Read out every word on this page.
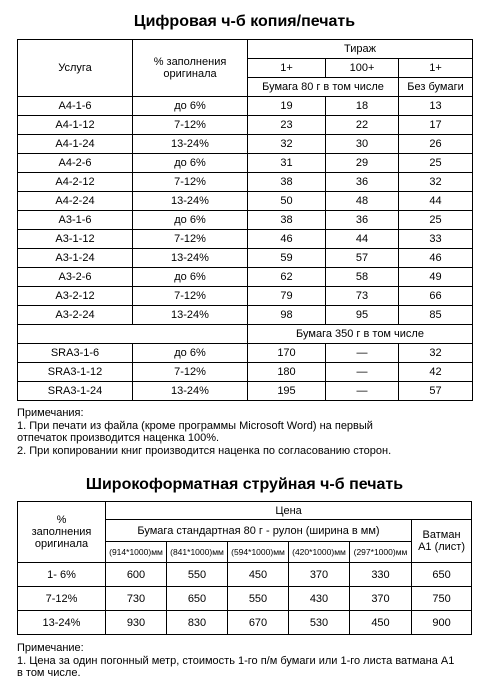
Цифровая ч-б копия/печать
Услуга	% заполнения оригинала	Тираж		
		1+	100+	1+
		Бумага 80 г в том числе		Без бумаги
А4-1-6	до 6%	19	18	13
А4-1-12	7-12%	23	22	17
А4-1-24	13-24%	32	30	26
А4-2-6	до 6%	31	29	25
А4-2-12	7-12%	38	36	32
А4-2-24	13-24%	50	48	44
А3-1-6	до 6%	38	36	25
А3-1-12	7-12%	46	44	33
А3-1-24	13-24%	59	57	46
А3-2-6	до 6%	62	58	49
А3-2-12	7-12%	79	73	66
А3-2-24	13-24%	98	95	85
		Бумага 350 г в том числе		
SRA3-1-6	до 6%	170	—	32
SRA3-1-12	7-12%	180	—	42
SRA3-1-24	13-24%	195	—	57
Примечания:
1. При печати из файла (кроме программы Microsoft Word) на первый
отпечаток производится наценка 100%.
2. При копировании книг производится наценка по согласованию сторон.
Широкоформатная струйная ч-б печать
% заполнения оригинала	Цена					
	Бумага стандартная 80 г - рулон (ширина в мм)					Ватман А1 (лист)
	(914*1000)мм	(841*1000)мм	(594*1000)мм	(420*1000)мм	(297*1000)мм	
1- 6%	600	550	450	370	330	650
7-12%	730	650	550	430	370	750
13-24%	930	830	670	530	450	900
Примечание:
1. Цена за один погонный метр, стоимость 1-го п/м бумаги или 1-го листа ватмана А1
в том числе.
